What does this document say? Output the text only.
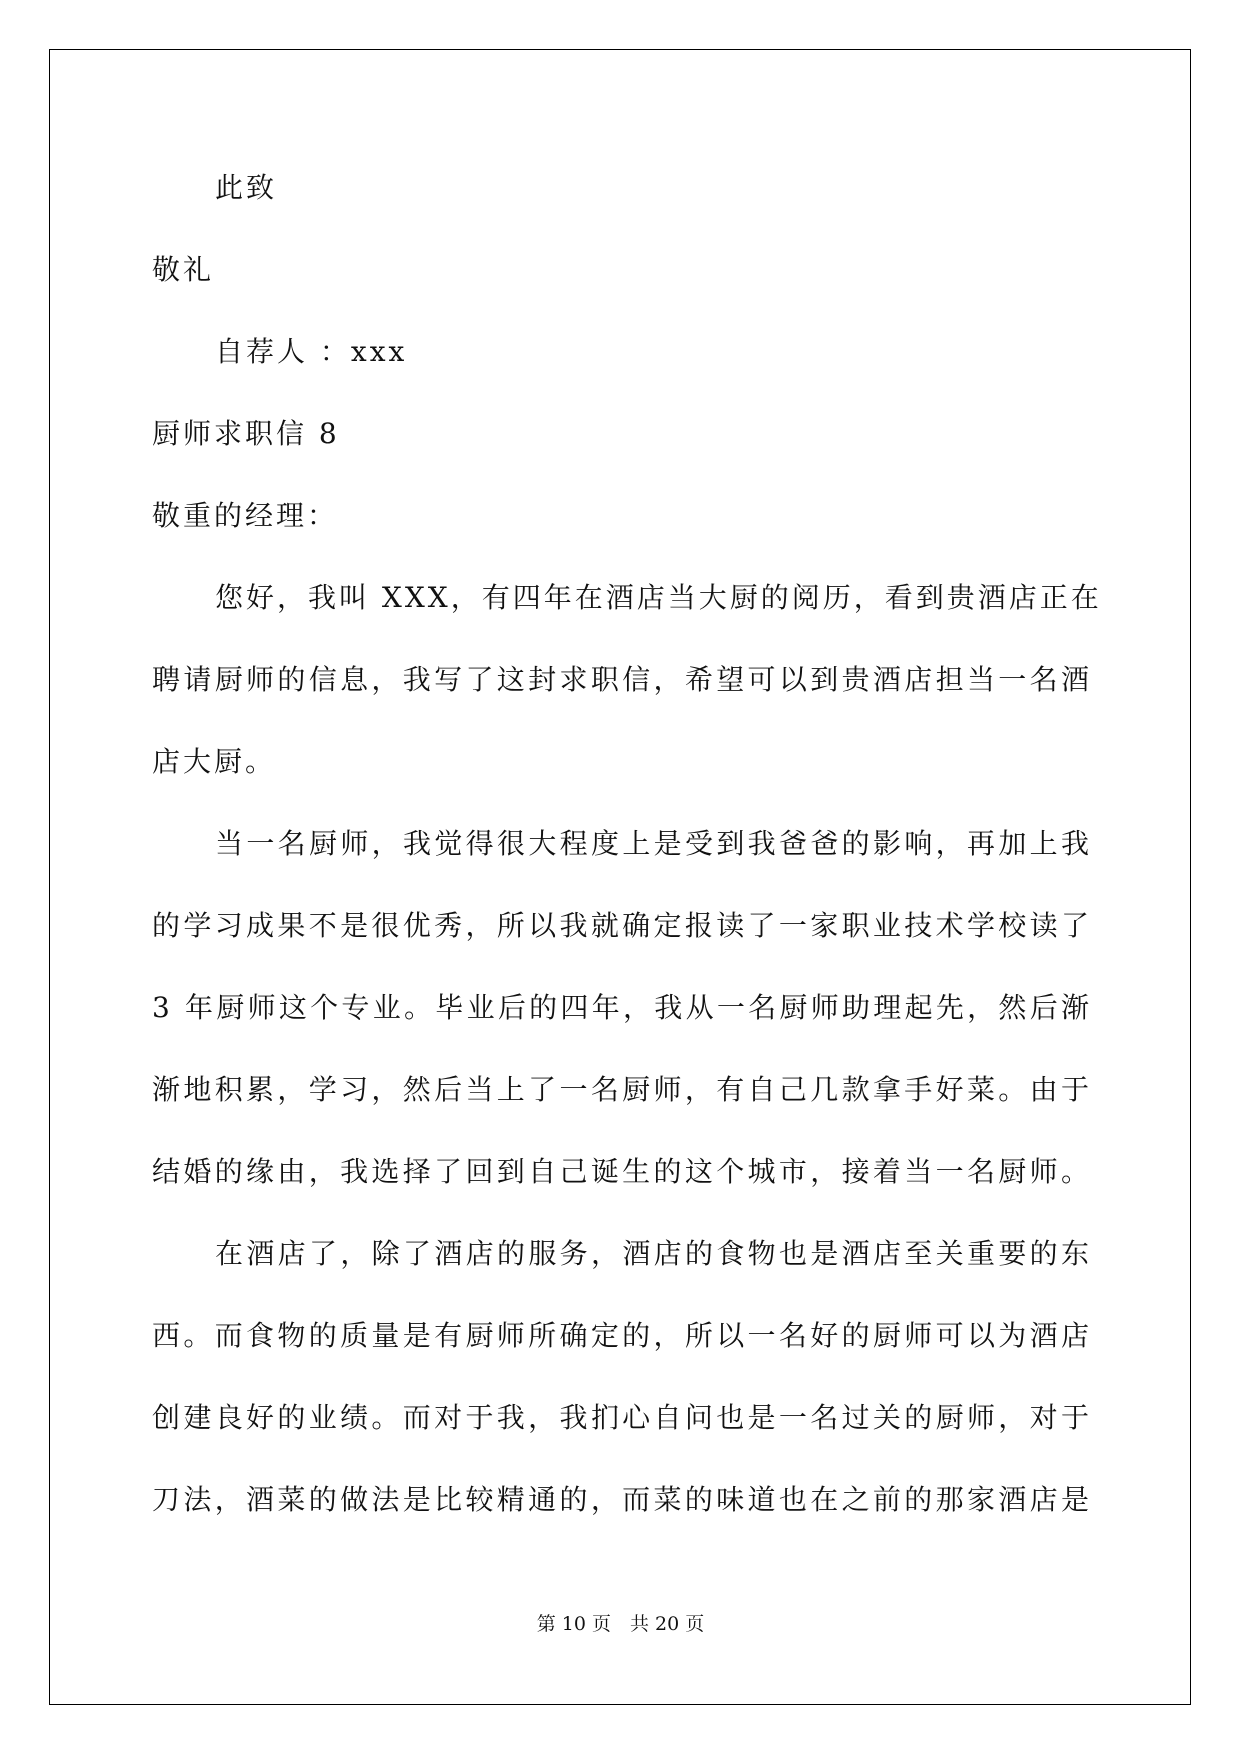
此致
敬礼
自荐人 ：xxx
厨师求职信 8
敬重的经理：
您好，我叫 XXX，有四年在酒店当大厨的阅历，看到贵酒店正在
聘请厨师的信息，我写了这封求职信，希望可以到贵酒店担当一名酒
店大厨。
当一名厨师，我觉得很大程度上是受到我爸爸的影响，再加上我
的学习成果不是很优秀，所以我就确定报读了一家职业技术学校读了
3 年厨师这个专业。毕业后的四年，我从一名厨师助理起先，然后渐
渐地积累，学习，然后当上了一名厨师，有自己几款拿手好菜。由于
结婚的缘由，我选择了回到自己诞生的这个城市，接着当一名厨师。
在酒店了，除了酒店的服务，酒店的食物也是酒店至关重要的东
西。而食物的质量是有厨师所确定的，所以一名好的厨师可以为酒店
创建良好的业绩。而对于我，我扪心自问也是一名过关的厨师，对于
刀法，酒菜的做法是比较精通的，而菜的味道也在之前的那家酒店是
第 10 页　共 20 页
